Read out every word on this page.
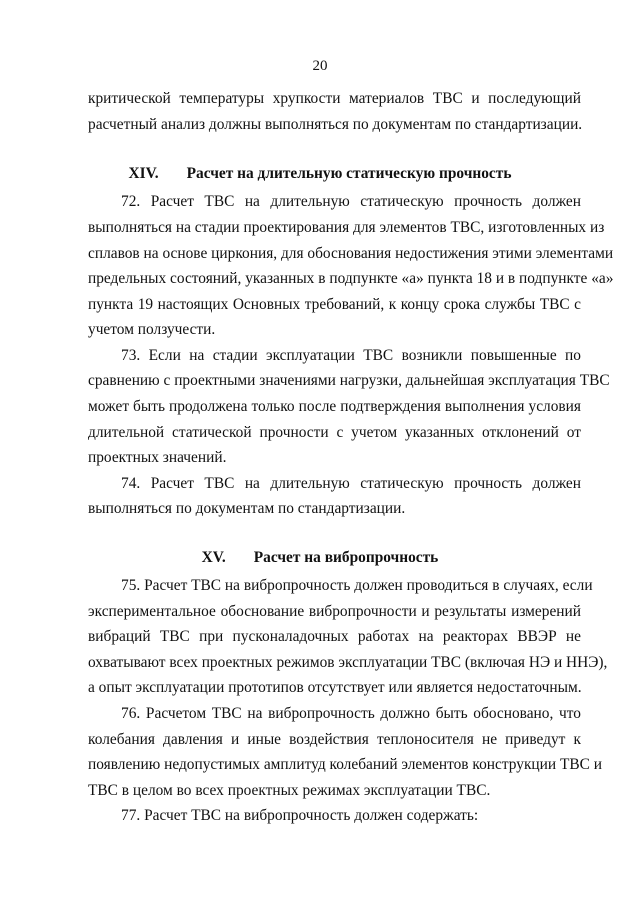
20
критической температуры хрупкости материалов ТВС и последующий
расчетный анализ должны выполняться по документам по стандартизации.
XIV. Расчет на длительную статическую прочность
72. Расчет ТВС на длительную статическую прочность должен
выполняться на стадии проектирования для элементов ТВС, изготовленных из
сплавов на основе циркония, для обоснования недостижения этими элементами
предельных состояний, указанных в подпункте «а» пункта 18 и в подпункте «а»
пункта 19 настоящих Основных требований, к концу срока службы ТВС с
учетом ползучести.
73. Если на стадии эксплуатации ТВС возникли повышенные по
сравнению с проектными значениями нагрузки, дальнейшая эксплуатация ТВС
может быть продолжена только после подтверждения выполнения условия
длительной статической прочности с учетом указанных отклонений от
проектных значений.
74. Расчет ТВС на длительную статическую прочность должен
выполняться по документам по стандартизации.
XV. Расчет на вибропрочность
75. Расчет ТВС на вибропрочность должен проводиться в случаях, если
экспериментальное обоснование вибропрочности и результаты измерений
вибраций ТВС при пусконаладочных работах на реакторах ВВЭР не
охватывают всех проектных режимов эксплуатации ТВС (включая НЭ и ННЭ),
а опыт эксплуатации прототипов отсутствует или является недостаточным.
76. Расчетом ТВС на вибропрочность должно быть обосновано, что
колебания давления и иные воздействия теплоносителя не приведут к
появлению недопустимых амплитуд колебаний элементов конструкции ТВС и
ТВС в целом во всех проектных режимах эксплуатации ТВС.
77. Расчет ТВС на вибропрочность должен содержать:
